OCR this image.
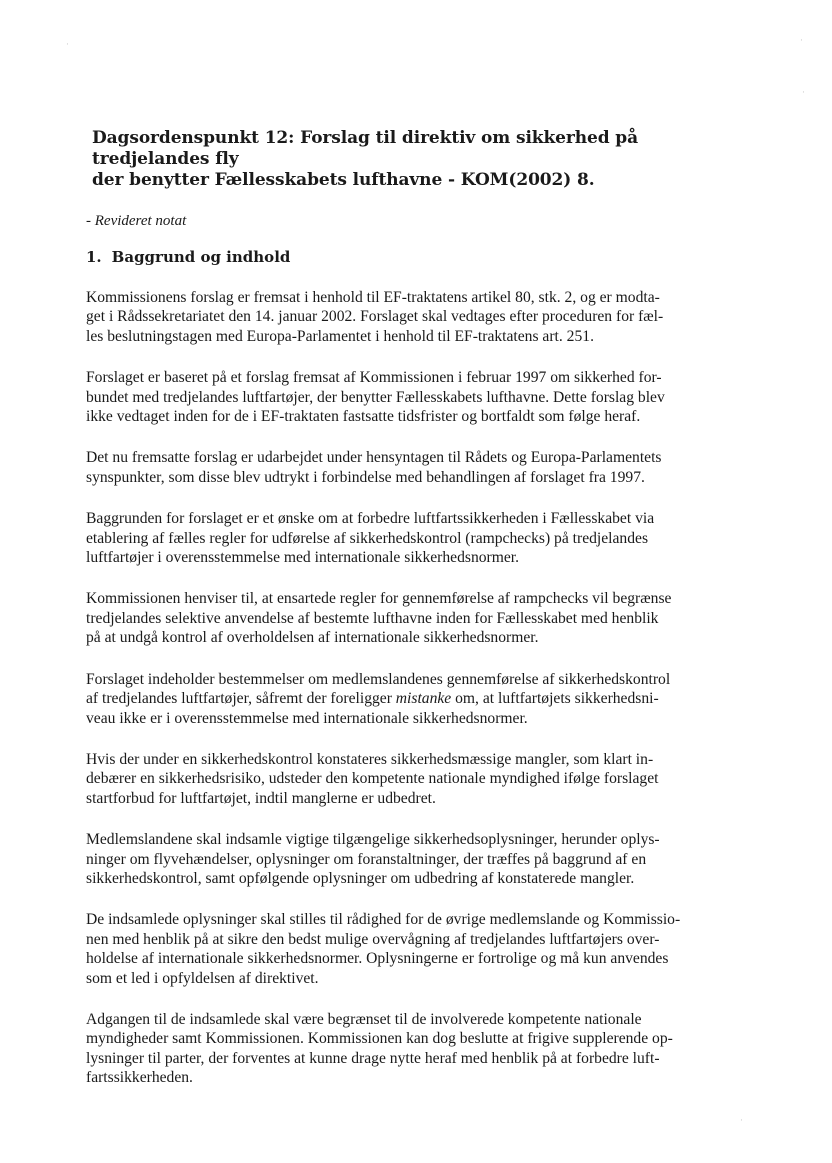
Dagsordenspunkt 12: Forslag til direktiv om sikkerhed på tredjelandes fly
der benytter Fællesskabets lufthavne - KOM(2002) 8.
- Revideret notat
1. Baggrund og indhold
Kommissionens forslag er fremsat i henhold til EF-traktatens artikel 80, stk. 2, og er modta-
get i Rådssekretariatet den 14. januar 2002. Forslaget skal vedtages efter proceduren for fæl-
les beslutningstagen med Europa-Parlamentet i henhold til EF-traktatens art. 251.
Forslaget er baseret på et forslag fremsat af Kommissionen i februar 1997 om sikkerhed for-
bundet med tredjelandes luftfartøjer, der benytter Fællesskabets lufthavne. Dette forslag blev
ikke vedtaget inden for de i EF-traktaten fastsatte tidsfrister og bortfaldt som følge heraf.
Det nu fremsatte forslag er udarbejdet under hensyntagen til Rådets og Europa-Parlamentets
synspunkter, som disse blev udtrykt i forbindelse med behandlingen af forslaget fra 1997.
Baggrunden for forslaget er et ønske om at forbedre luftfartssikkerheden i Fællesskabet via
etablering af fælles regler for udførelse af sikkerhedskontrol (rampchecks) på tredjelandes
luftfartøjer i overensstemmelse med internationale sikkerhedsnormer.
Kommissionen henviser til, at ensartede regler for gennemførelse af rampchecks vil begrænse
tredjelandes selektive anvendelse af bestemte lufthavne inden for Fællesskabet med henblik
på at undgå kontrol af overholdelsen af internationale sikkerhedsnormer.
Forslaget indeholder bestemmelser om medlemslandenes gennemførelse af sikkerhedskontrol
af tredjelandes luftfartøjer, såfremt der foreligger mistanke om, at luftfartøjets sikkerhedsni-
veau ikke er i overensstemmelse med internationale sikkerhedsnormer.
Hvis der under en sikkerhedskontrol konstateres sikkerhedsmæssige mangler, som klart in-
debærer en sikkerhedsrisiko, udsteder den kompetente nationale myndighed ifølge forslaget
startforbud for luftfartøjet, indtil manglerne er udbedret.
Medlemslandene skal indsamle vigtige tilgængelige sikkerhedsoplysninger, herunder oplys-
ninger om flyvehændelser, oplysninger om foranstaltninger, der træffes på baggrund af en
sikkerhedskontrol, samt opfølgende oplysninger om udbedring af konstaterede mangler.
De indsamlede oplysninger skal stilles til rådighed for de øvrige medlemslande og Kommissio-
nen med henblik på at sikre den bedst mulige overvågning af tredjelandes luftfartøjers over-
holdelse af internationale sikkerhedsnormer. Oplysningerne er fortrolige og må kun anvendes
som et led i opfyldelsen af direktivet.
Adgangen til de indsamlede skal være begrænset til de involverede kompetente nationale
myndigheder samt Kommissionen. Kommissionen kan dog beslutte at frigive supplerende op-
lysninger til parter, der forventes at kunne drage nytte heraf med henblik på at forbedre luft-
fartssikkerheden.
·
·
·
·
